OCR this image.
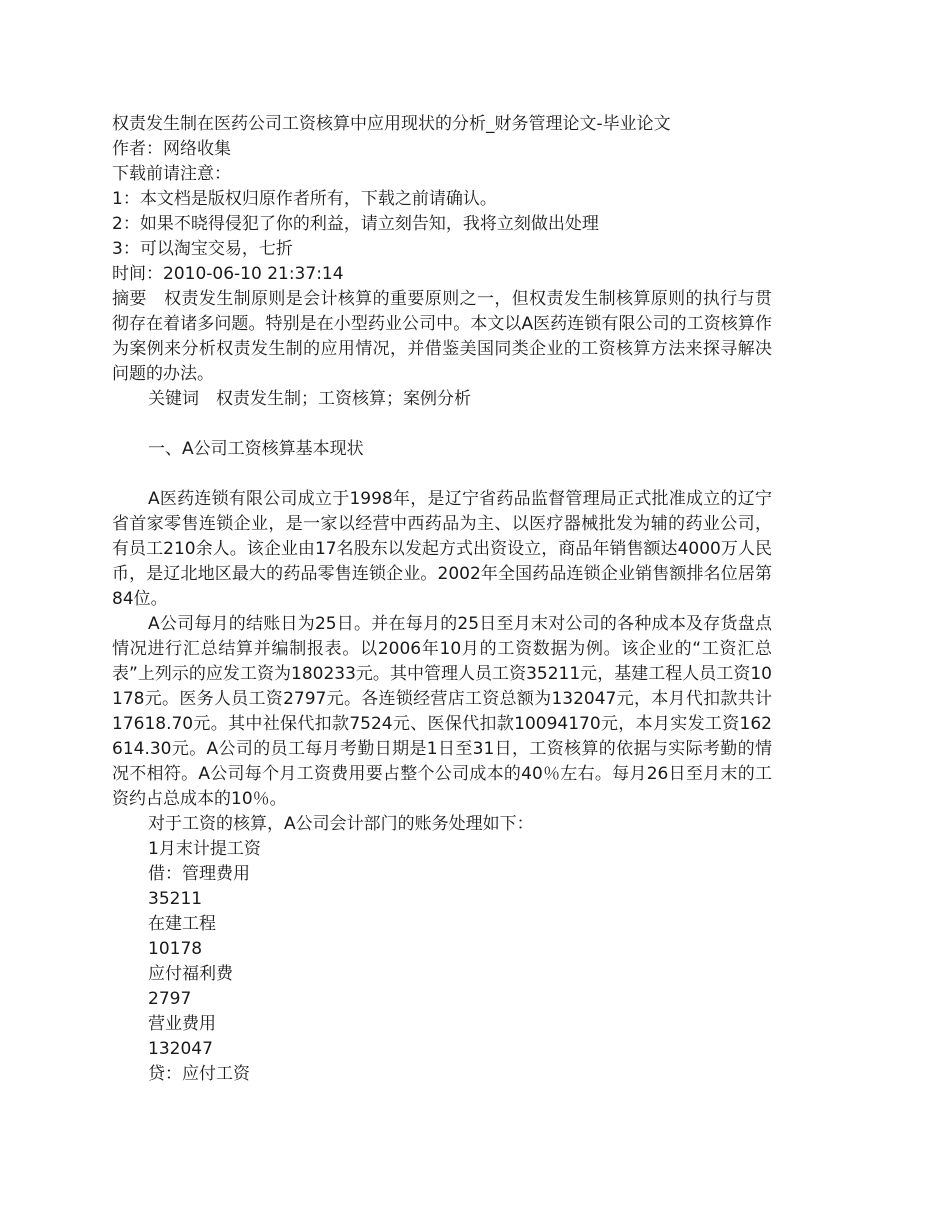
权责发生制在医药公司工资核算中应用现状的分析_财务管理论文-毕业论文
作者：网络收集
下载前请注意：
1：本文档是版权归原作者所有，下载之前请确认。
2：如果不晓得侵犯了你的利益，请立刻告知，我将立刻做出处理
3：可以淘宝交易，七折
时间：2010-06-10 21:37:14
摘要　权责发生制原则是会计核算的重要原则之一，但权责发生制核算原则的执行与贯彻存在着诸多问题。特别是在小型药业公司中。本文以A医药连锁有限公司的工资核算作为案例来分析权责发生制的应用情况，并借鉴美国同类企业的工资核算方法来探寻解决问题的办法。
关键词　权责发生制；工资核算；案例分析
一、A公司工资核算基本现状
A医药连锁有限公司成立于1998年，是辽宁省药品监督管理局正式批准成立的辽宁省首家零售连锁企业，是一家以经营中西药品为主、以医疗器械批发为辅的药业公司，有员工210余人。该企业由17名股东以发起方式出资设立，商品年销售额达4000万人民币，是辽北地区最大的药品零售连锁企业。2002年全国药品连锁企业销售额排名位居第84位。
A公司每月的结账日为25日。并在每月的25日至月末对公司的各种成本及存货盘点情况进行汇总结算并编制报表。以2006年10月的工资数据为例。该企业的“工资汇总表”上列示的应发工资为180233元。其中管理人员工资35211元，基建工程人员工资10178元。医务人员工资2797元。各连锁经营店工资总额为132047元，本月代扣款共计17618.70元。其中社保代扣款7524元、医保代扣款10094170元，本月实发工资162614.30元。A公司的员工每月考勤日期是1日至31日，工资核算的依据与实际考勤的情况不相符。A公司每个月工资费用要占整个公司成本的40％左右。每月26日至月末的工资约占总成本的10％。
对于工资的核算，A公司会计部门的账务处理如下：
1月末计提工资
借：管理费用
35211
在建工程
10178
应付福利费
2797
营业费用
132047
贷：应付工资
